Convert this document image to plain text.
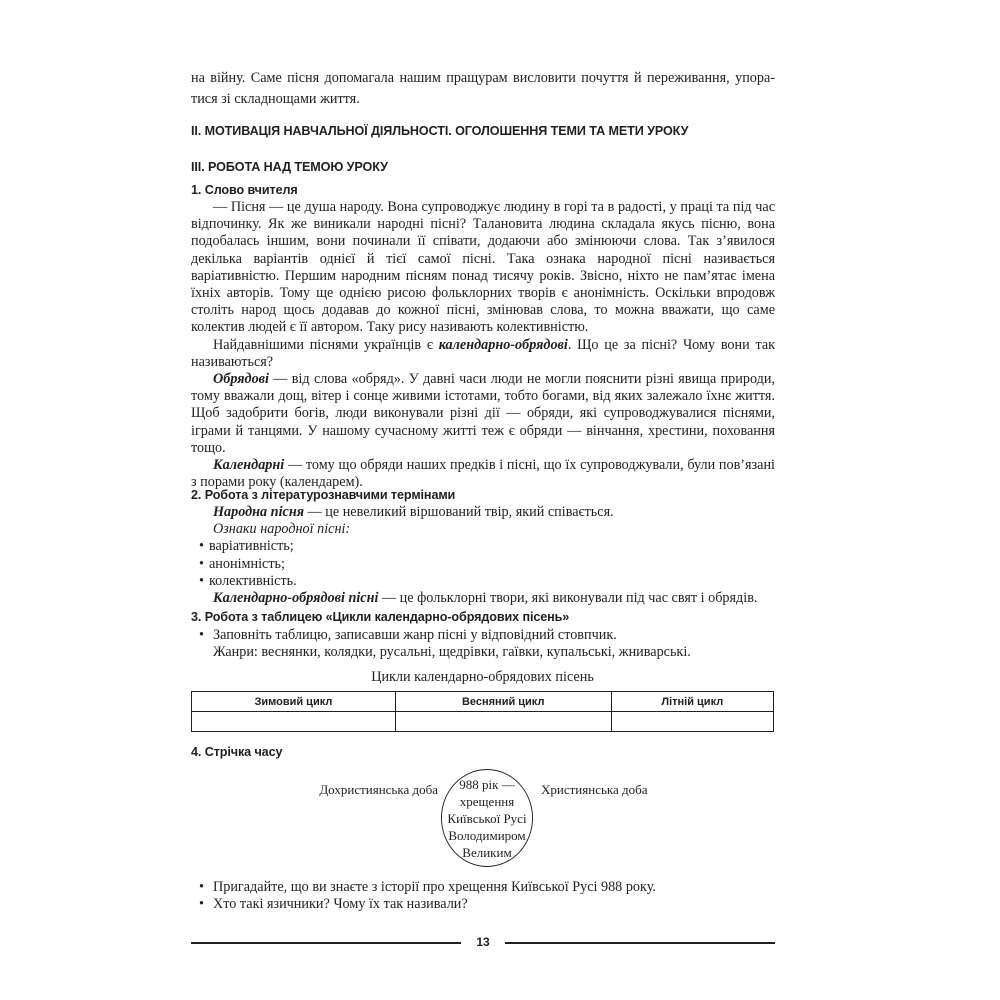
на війну. Саме пісня допомагала нашим пращурам висловити почуття й переживання, упора-

тися зі складнощами життя.

II. МОТИВАЦІЯ НАВЧАЛЬНОЇ ДІЯЛЬНОСТІ. ОГОЛОШЕННЯ ТЕМИ ТА МЕТИ УРОКУ
III. РОБОТА НАД ТЕМОЮ УРОКУ
1. Слово вчителя

— Пісня — це душа народу. Вона супроводжує людину в горі та в радості, у праці та під час відпочинку. Як же виникали народні пісні? Талановита людина складала якусь пісню, вона подобалась іншим, вони починали її співати, додаючи або змінюючи слова. Так з’явилося декілька варіантів однієї й тієї самої пісні. Така ознака народної пісні називається варіативністю. Першим народним пісням понад тисячу років. Звісно, ніхто не пам’ятає імена їхніх авторів. Тому ще однією рисою фольклорних творів є анонімність. Оскільки впродовж століть народ щось додавав до кожної пісні, змінював слова, то можна вважати, що саме колектив людей є її автором. Таку рису називають колективністю.

Найдавнішими піснями українців є календарно-обрядові. Що це за пісні? Чому вони так називаються?

Обрядові — від слова «обряд». У давні часи люди не могли пояснити різні явища природи, тому вважали дощ, вітер і сонце живими істотами, тобто богами, від яких залежало їхнє життя. Щоб задобрити богів, люди виконували різні дії — обряди, які супроводжувалися піснями, іграми й танцями. У нашому сучасному житті теж є обряди — вінчання, хрестини, поховання тощо.

Календарні — тому що обряди наших предків і пісні, що їх супроводжували, були пов’язані з порами року (календарем).

2. Робота з літературознавчими термінами

Народна пісня — це невеликий віршований твір, який співається.

Ознаки народної пісні:

• варіативність;
• анонімність;
• колективність.

Календарно-обрядові пісні — це фольклорні твори, які виконували під час свят і обрядів.

3. Робота з таблицею «Цикли календарно-обрядових пісень»
• Заповніть таблицю, записавши жанр пісні у відповідний стовпчик.

Жанри: веснянки, колядки, русальні, щедрівки, гаївки, купальські, жниварські.

Цикли календарно-обрядових пісень
Зимовий цикл	Весняний цикл	Літній цикл

4. Стрічка часу
Дохристиянська доба	Християнська доба
988 рік —
хрещення
Київської Русі
Володимиром
Великим
• Пригадайте, що ви знаєте з історії про хрещення Київської Русі 988 року.
• Хто такі язичники? Чому їх так називали?
13
